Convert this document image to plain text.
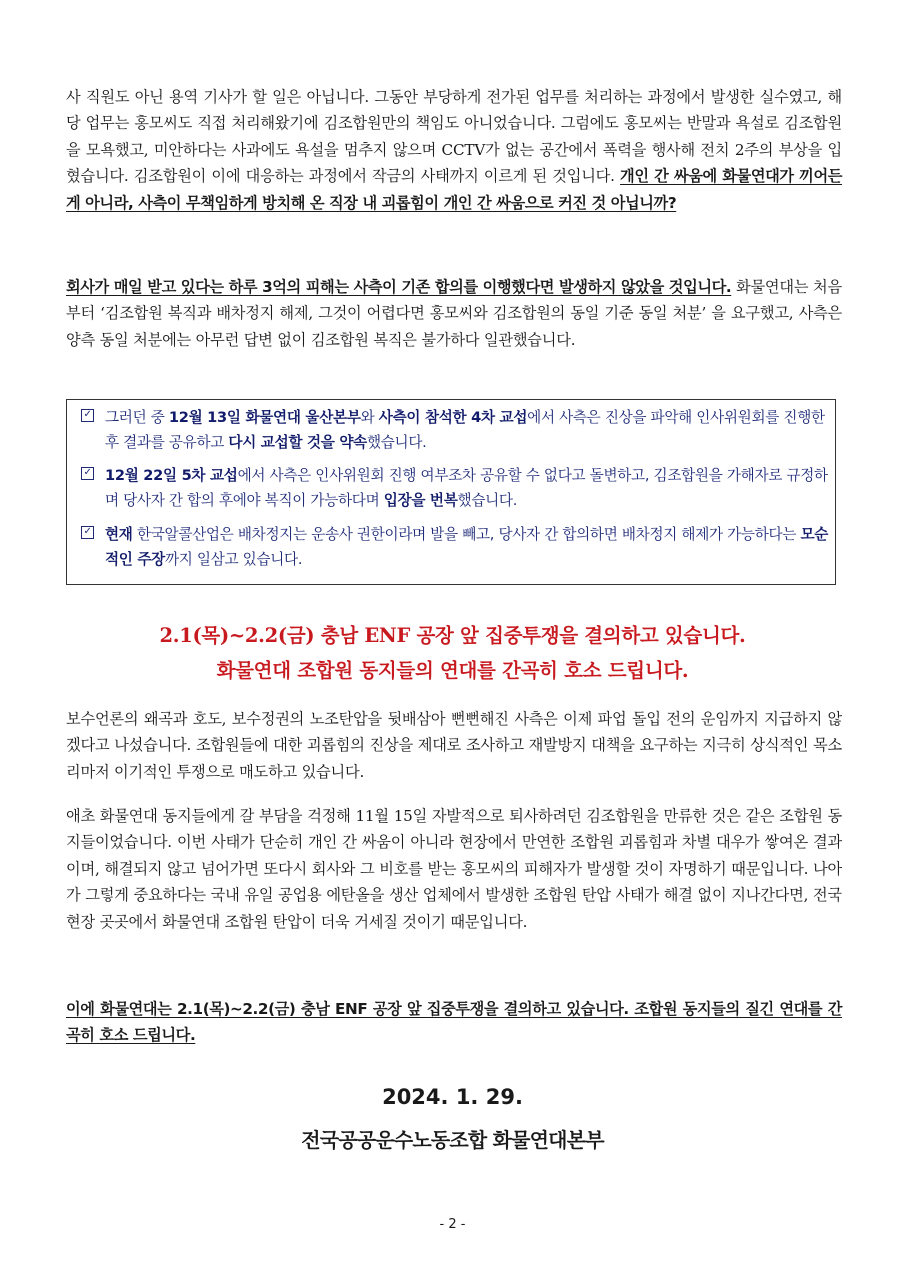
사 직원도 아닌 용역 기사가 할 일은 아닙니다. 그동안 부당하게 전가된 업무를 처리하는 과정에서 발생한 실수였고, 해당 업무는 홍모씨도 직접 처리해왔기에 김조합원만의 책임도 아니었습니다. 그럼에도 홍모씨는 반말과 욕설로 김조합원을 모욕했고, 미안하다는 사과에도 욕설을 멈추지 않으며 CCTV가 없는 공간에서 폭력을 행사해 전치 2주의 부상을 입혔습니다. 김조합원이 이에 대응하는 과정에서 작금의 사태까지 이르게 된 것입니다. 개인 간 싸움에 화물연대가 끼어든 게 아니라, 사측이 무책임하게 방치해 온 직장 내 괴롭힘이 개인 간 싸움으로 커진 것 아닙니까?

회사가 매일 받고 있다는 하루 3억의 피해는 사측이 기존 합의를 이행했다면 발생하지 않았을 것입니다. 화물연대는 처음부터 ‘김조합원 복직과 배차정지 해제, 그것이 어렵다면 홍모씨와 김조합원의 동일 기준 동일 처분’ 을 요구했고, 사측은 양측 동일 처분에는 아무런 답변 없이 김조합원 복직은 불가하다 일관했습니다.

✓ 그러던 중 12월 13일 화물연대 울산본부와 사측이 참석한 4차 교섭에서 사측은 진상을 파악해 인사위원회를 진행한 후 결과를 공유하고 다시 교섭할 것을 약속했습니다.
✓ 12월 22일 5차 교섭에서 사측은 인사위원회 진행 여부조차 공유할 수 없다고 돌변하고, 김조합원을 가해자로 규정하며 당사자 간 합의 후에야 복직이 가능하다며 입장을 번복했습니다.
✓ 현재 한국알콜산업은 배차정지는 운송사 권한이라며 발을 빼고, 당사자 간 합의하면 배차정지 해제가 가능하다는 모순적인 주장까지 일삼고 있습니다.
2.1(목)~2.2(금) 충남 ENF 공장 앞 집중투쟁을 결의하고 있습니다.
화물연대 조합원 동지들의 연대를 간곡히 호소 드립니다.

보수언론의 왜곡과 호도, 보수정권의 노조탄압을 뒷배삼아 뻔뻔해진 사측은 이제 파업 돌입 전의 운임까지 지급하지 않겠다고 나섰습니다. 조합원들에 대한 괴롭힘의 진상을 제대로 조사하고 재발방지 대책을 요구하는 지극히 상식적인 목소리마저 이기적인 투쟁으로 매도하고 있습니다.

애초 화물연대 동지들에게 갈 부담을 걱정해 11월 15일 자발적으로 퇴사하려던 김조합원을 만류한 것은 같은 조합원 동지들이었습니다. 이번 사태가 단순히 개인 간 싸움이 아니라 현장에서 만연한 조합원 괴롭힘과 차별 대우가 쌓여온 결과이며, 해결되지 않고 넘어가면 또다시 회사와 그 비호를 받는 홍모씨의 피해자가 발생할 것이 자명하기 때문입니다. 나아가 그렇게 중요하다는 국내 유일 공업용 에탄올을 생산 업체에서 발생한 조합원 탄압 사태가 해결 없이 지나간다면, 전국 현장 곳곳에서 화물연대 조합원 탄압이 더욱 거세질 것이기 때문입니다.

이에 화물연대는 2.1(목)~2.2(금) 충남 ENF 공장 앞 집중투쟁을 결의하고 있습니다. 조합원 동지들의 질긴 연대를 간곡히 호소 드립니다.

2024. 1. 29.
전국공공운수노동조합 화물연대본부
- 2 -
